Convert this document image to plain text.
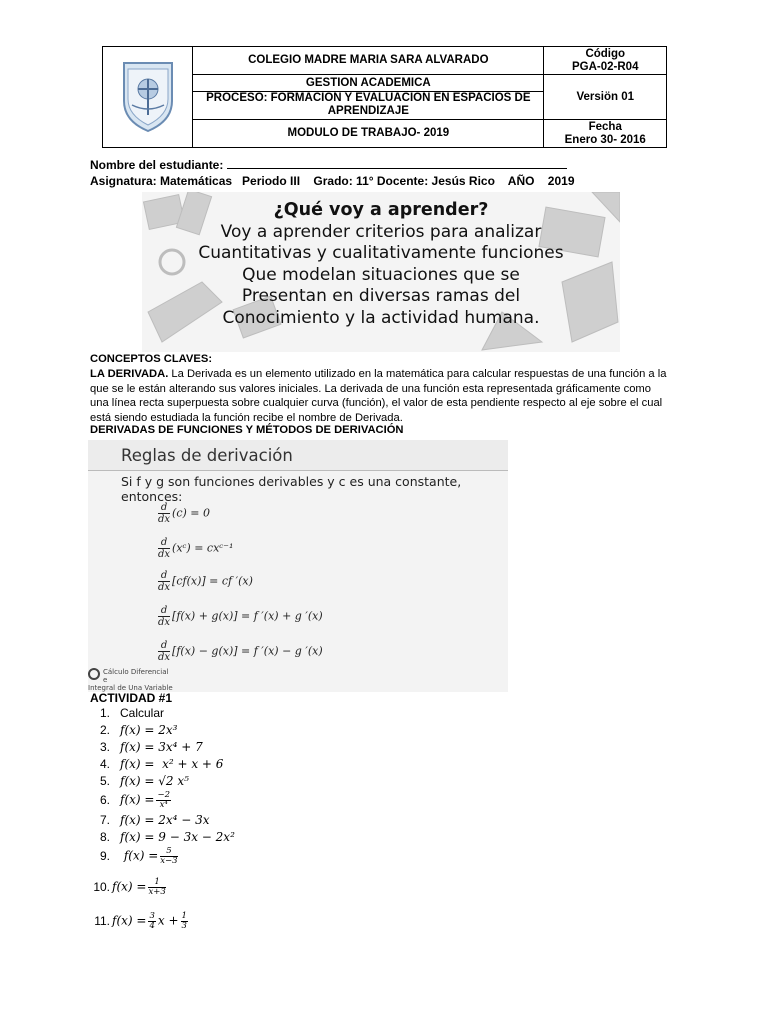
	COLEGIO MADRE MARIA SARA ALVARADO	Código
PGA-02-R04

	GESTION ACADEMICA
PROCESO: FORMACION Y EVALUACION EN ESPACIOS DE APRENDIZAJE	Versiön 01
	MODULO DE TRABAJO- 2019	Fecha
Enero 30- 2016
Nombre del estudiante:
Asignatura: Matemáticas   Periodo III    Grado: 11° Docente: Jesús Rico    AÑO    2019
¿Qué voy a aprender?
Voy a aprender criterios para analizar
Cuantitativas y cualitativamente funciones
Que modelan situaciones que se
Presentan en diversas ramas del
Conocimiento y la actividad humana.
CONCEPTOS CLAVES:
LA DERIVADA. La Derivada es un elemento utilizado en la matemática para calcular respuestas de una función a la que se le están alterando sus valores iniciales. La derivada de una función esta representada gráficamente como una línea recta superpuesta sobre cualquier curva (función), el valor de esta pendiente respecto al eje sobre el cual está siendo estudiada la función recibe el nombre de Derivada.
DERIVADAS DE FUNCIONES Y MÉTODOS DE DERIVACIÓN
Reglas de derivación
Si f y g son funciones derivables y c es una constante, entonces:
$\frac{d}{dx} (c) = 0$
$\frac{d}{dx}$ (xᶜ) = cxᶜ⁻¹
$\frac{d}{dx} [cf(x)]$ = cf ′(x)
$\frac{d}{dx} [f(x) + g(x)] = f$ ′(x) + g ′(x)
$\frac{d}{dx} [f(x) - g(x)] = f$ ′(x) − g ′(x)
Cálculo Diferencial e
Integral de Una Variable
ACTIVIDAD #1
1. Calcular
2. f(x) = 2x³
3. f(x) = 3x⁴ + 7
4. f(x) =  x² + x + 6
5. f(x) = √2 x⁵
6. $f(x) = \frac{-2}{\text{x⁴}}$
7. f(x) = 2x⁴ − 3x
8. f(x) = 9 − 3x − 2x²
9. $f(x) = \frac{5}{x-3}$
10. $f(x) = \frac{1}{x+3}$
11. $f(x) = \frac{3}{4}$ $x + \frac{1}{3}$
